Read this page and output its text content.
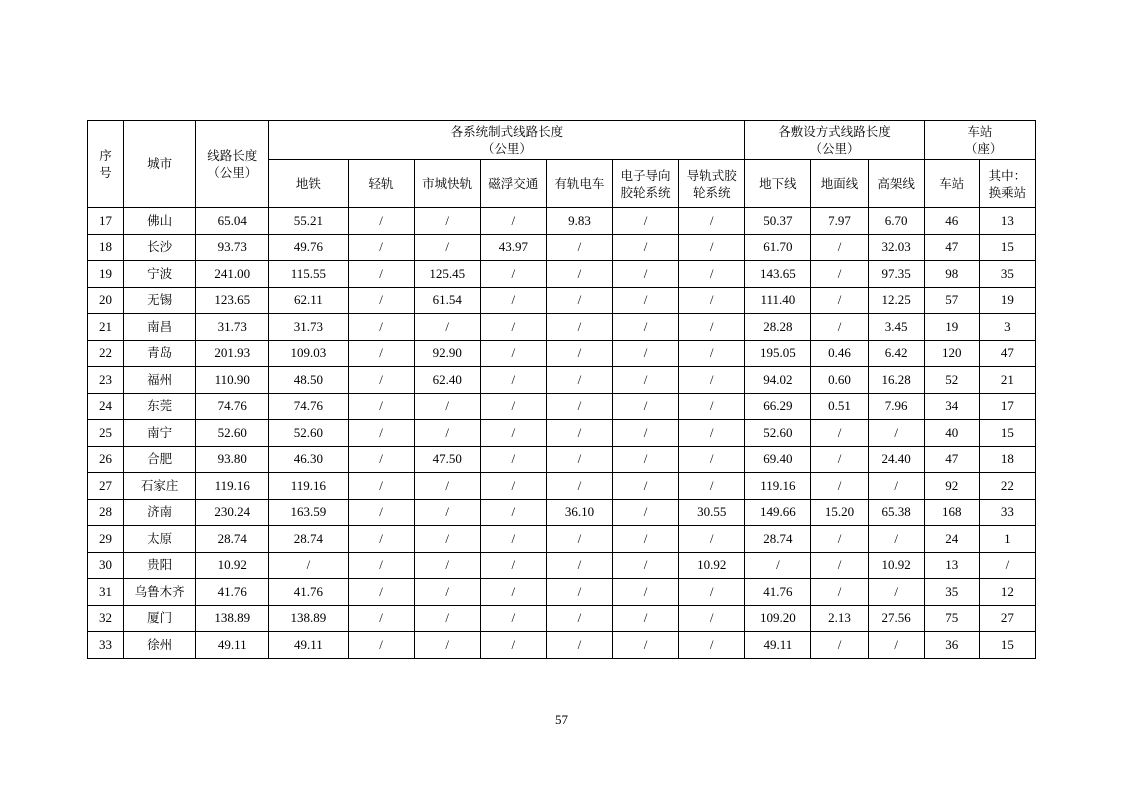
序号	城市	线路长度（公里）	各系统制式线路长度（公里）							各敷设方式线路长度（公里）			车站（座）	

			地铁	轻轨	市城快轨	磁浮交通	有轨电车	电子导向胶轮系统	导轨式胶轮系统	地下线	地面线	高架线	车站	其中：换乘站

17	佛山	65.04	55.21	/	/	/	9.83	/	/	50.37	7.97	6.70	46	13
18	长沙	93.73	49.76	/	/	43.97	/	/	/	61.70	/	32.03	47	15
19	宁波	241.00	115.55	/	125.45	/	/	/	/	143.65	/	97.35	98	35
20	无锡	123.65	62.11	/	61.54	/	/	/	/	111.40	/	12.25	57	19
21	南昌	31.73	31.73	/	/	/	/	/	/	28.28	/	3.45	19	3
22	青岛	201.93	109.03	/	92.90	/	/	/	/	195.05	0.46	6.42	120	47
23	福州	110.90	48.50	/	62.40	/	/	/	/	94.02	0.60	16.28	52	21
24	东莞	74.76	74.76	/	/	/	/	/	/	66.29	0.51	7.96	34	17
25	南宁	52.60	52.60	/	/	/	/	/	/	52.60	/	/	40	15
26	合肥	93.80	46.30	/	47.50	/	/	/	/	69.40	/	24.40	47	18
27	石家庄	119.16	119.16	/	/	/	/	/	/	119.16	/	/	92	22
28	济南	230.24	163.59	/	/	/	36.10	/	30.55	149.66	15.20	65.38	168	33
29	太原	28.74	28.74	/	/	/	/	/	/	28.74	/	/	24	1
30	贵阳	10.92	/	/	/	/	/	/	10.92	/	/	10.92	13	/
31	乌鲁木齐	41.76	41.76	/	/	/	/	/	/	41.76	/	/	35	12
32	厦门	138.89	138.89	/	/	/	/	/	/	109.20	2.13	27.56	75	27
33	徐州	49.11	49.11	/	/	/	/	/	/	49.11	/	/	36	15
57
